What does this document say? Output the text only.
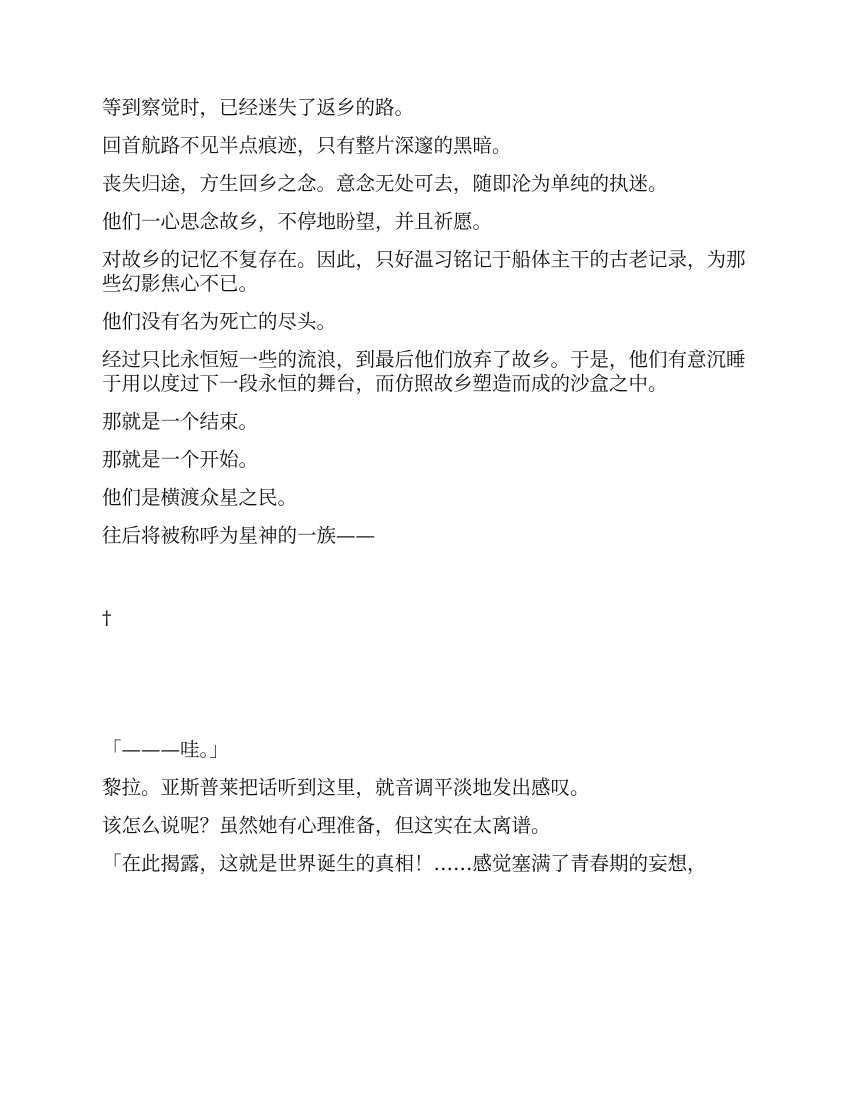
等到察觉时，已经迷失了返乡的路。

回首航路不见半点痕迹，只有整片深邃的黑暗。

丧失归途，方生回乡之念。意念无处可去，随即沦为单纯的执迷。

他们一心思念故乡，不停地盼望，并且祈愿。

对故乡的记忆不复存在。因此，只好温习铭记于船体主干的古老记录，为那些幻影焦心不已。

他们没有名为死亡的尽头。

经过只比永恒短一些的流浪，到最后他们放弃了故乡。于是，他们有意沉睡于用以度过下一段永恒的舞台，而仿照故乡塑造而成的沙盒之中。

那就是一个结束。

那就是一个开始。

他们是横渡众星之民。

往后将被称呼为星神的一族——

†

「———哇。」

黎拉。亚斯普莱把话听到这里，就音调平淡地发出感叹。

该怎么说呢？虽然她有心理准备，但这实在太离谱。

「在此揭露，这就是世界诞生的真相！……感觉塞满了青春期的妄想，
